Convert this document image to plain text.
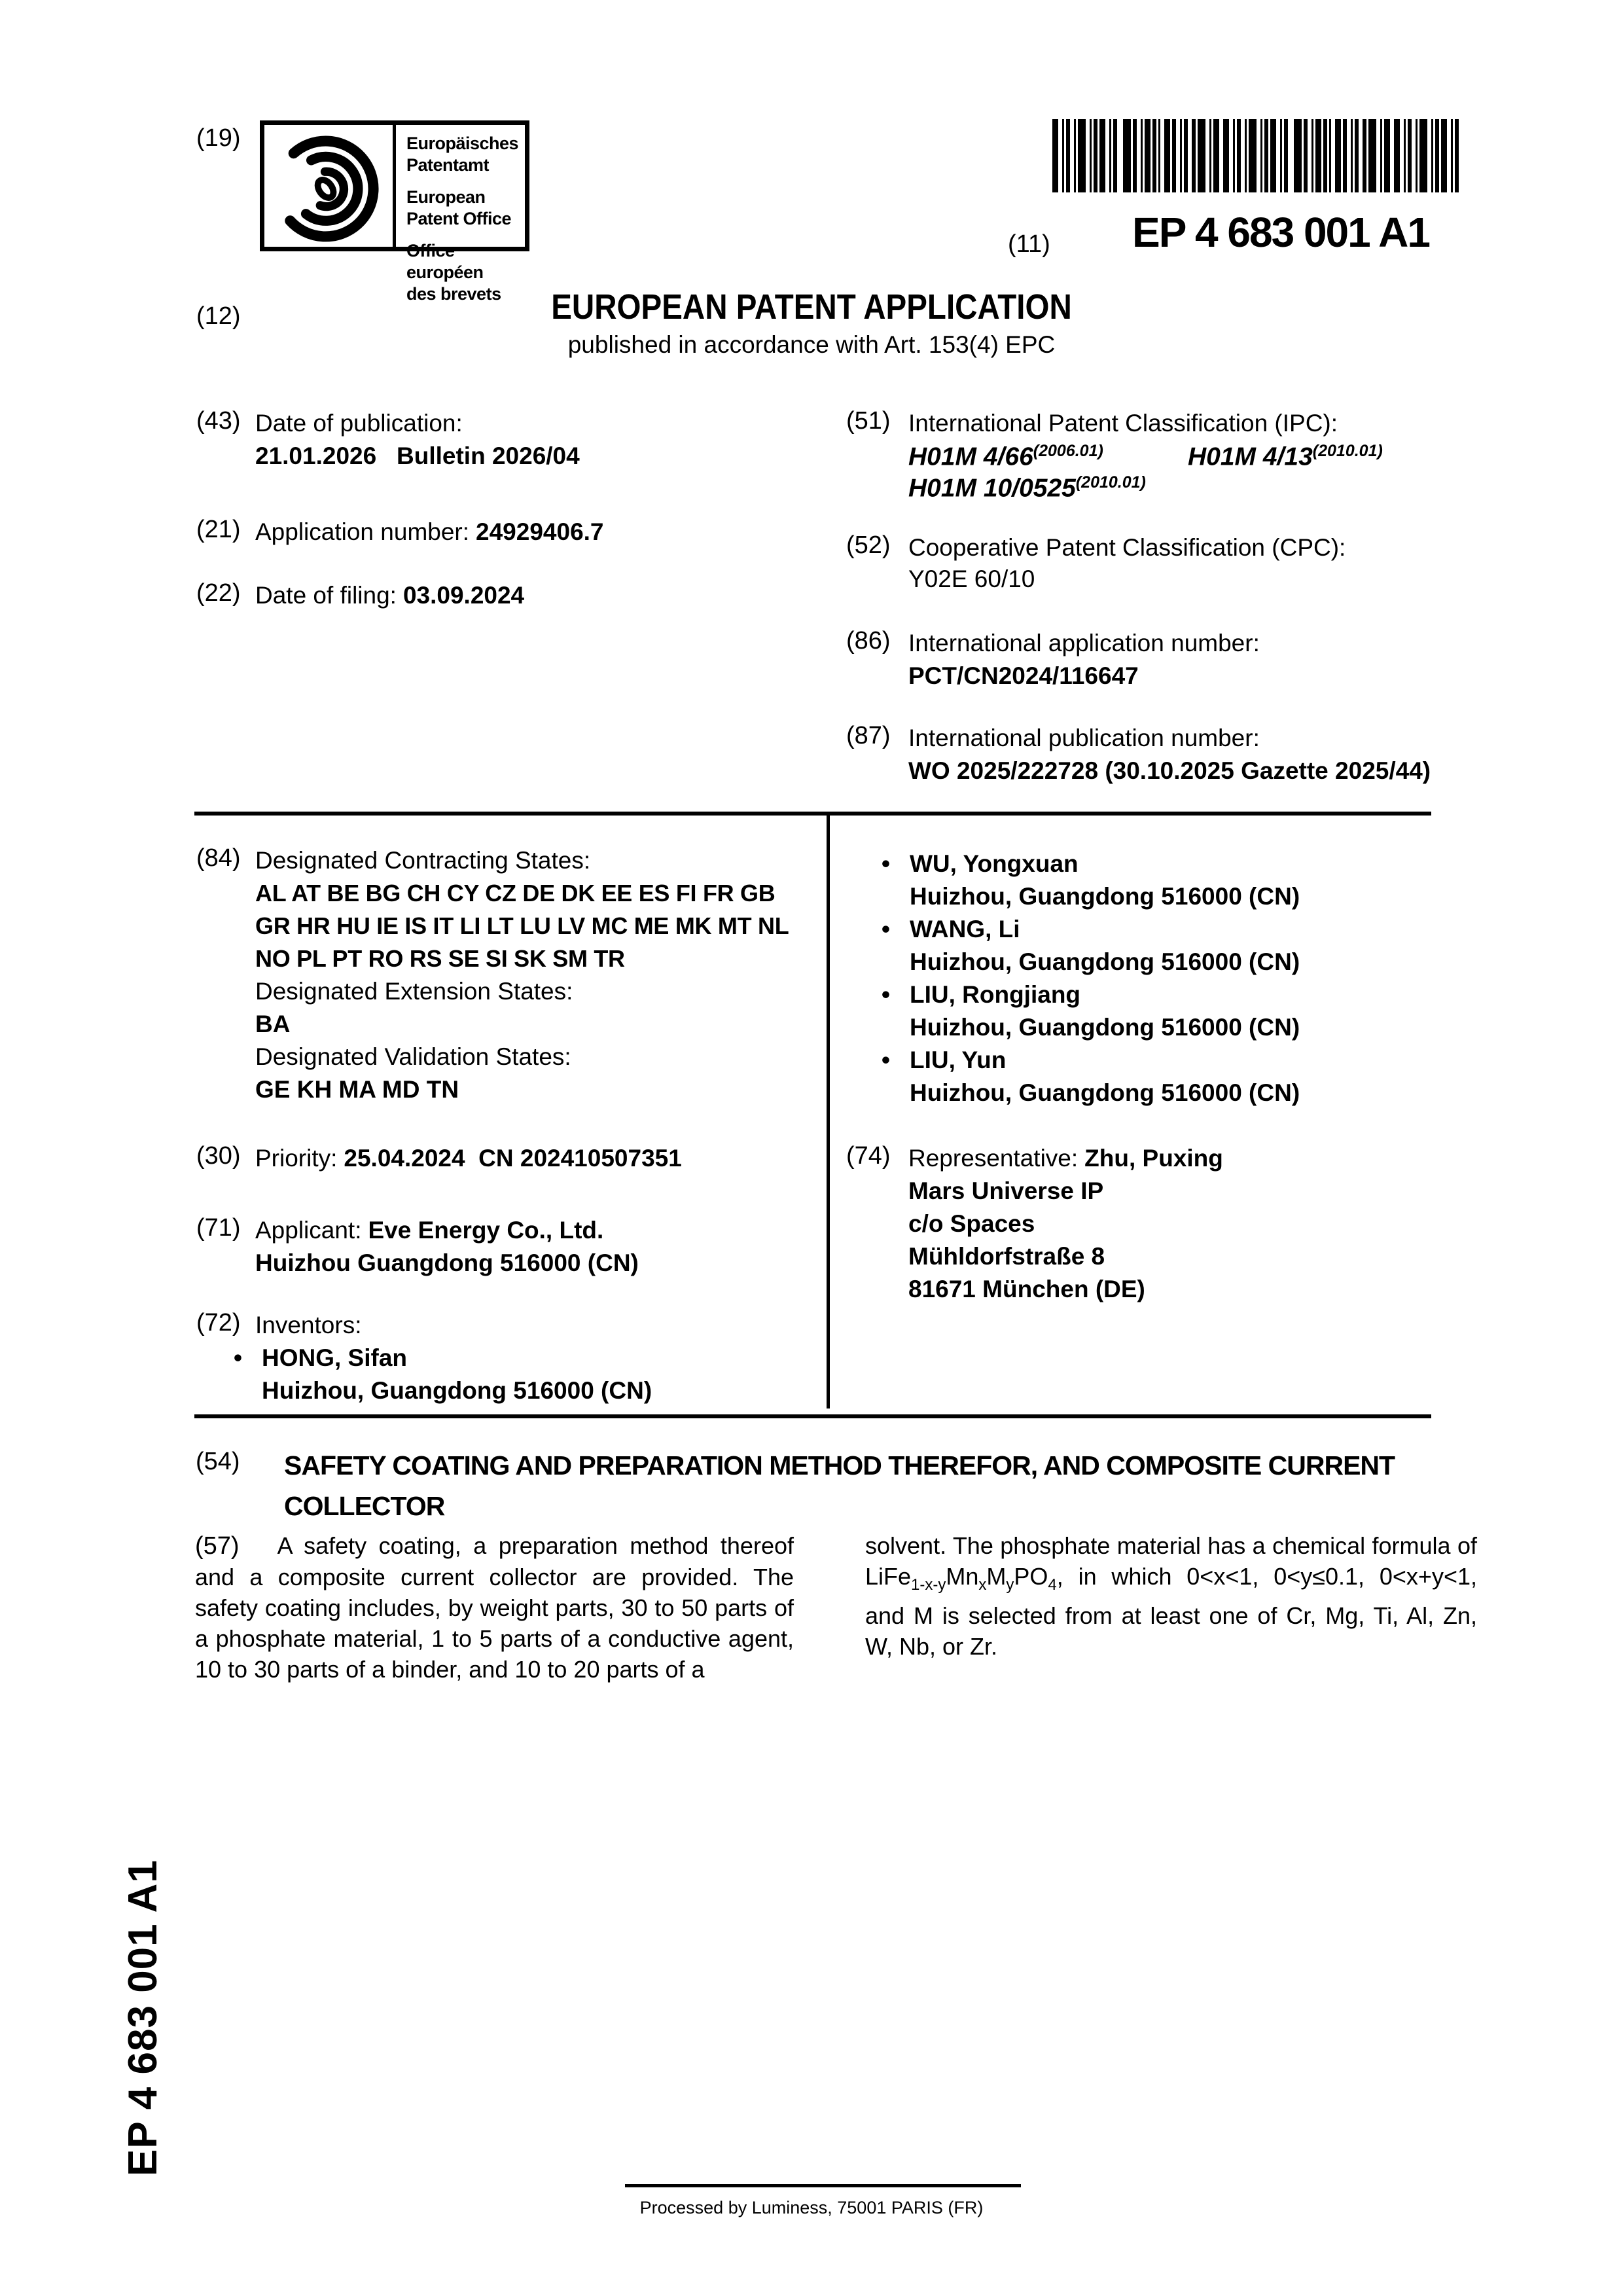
(19)	Europäisches
Patentamt
European
Patent Office
Office européen
des brevets
(11) EP 4 683 001 A1
(12)	EUROPEAN PATENT APPLICATION
published in accordance with Art. 153(4) EPC
(43) Date of publication:
21.01.2026   Bulletin 2026/04
(21) Application number: 24929406.7
(22) Date of filing: 03.09.2024
(51) International Patent Classification (IPC):
H01M $4/66^{(2006.01)}$	H01M $4/13^{(2010.01)}$
H01M $10/0525^{(2010.01)}$
(52) Cooperative Patent Classification (CPC):
Y02E 60/10
(86) International application number:
PCT/CN2024/116647
(87) International publication number:
WO 2025/222728 (30.10.2025 Gazette 2025/44)
(84) Designated Contracting States:
AL AT BE BG CH CY CZ DE DK EE ES FI FR GB
GR HR HU IE IS IT LI LT LU LV MC ME MK MT NL
NO PL PT RO RS SE SI SK SM TR
Designated Extension States:
BA
Designated Validation States:
GE KH MA MD TN
(30) Priority: 25.04.2024  CN 202410507351
(71) Applicant: Eve Energy Co., Ltd.
Huizhou Guangdong 516000 (CN)
(72) Inventors:
• HONG, Sifan
Huizhou, Guangdong 516000 (CN)
• WU, Yongxuan
Huizhou, Guangdong 516000 (CN)
• WANG, Li
Huizhou, Guangdong 516000 (CN)
• LIU, Rongjiang
Huizhou, Guangdong 516000 (CN)
• LIU, Yun
Huizhou, Guangdong 516000 (CN)
(74) Representative: Zhu, Puxing
Mars Universe IP
c/o Spaces
Mühldorfstraße 8
81671 München (DE)
(54) SAFETY COATING AND PREPARATION METHOD THEREFOR, AND COMPOSITE CURRENT COLLECTOR
(57) A safety coating, a preparation method thereof and a composite current collector are provided. The safety coating includes, by weight parts, 30 to 50 parts of a phosphate material, 1 to 5 parts of a conductive agent, 10 to 30 parts of a binder, and 10 to 20 parts of a
solvent. The phosphate material has a chemical formula of $LiFe_{1-x-y}Mn_xM_yPO_4$, in which 0<x<1, 0<y≤0.1, 0<x+y<1, and M is selected from at least one of Cr, Mg, Ti, Al, Zn, W, Nb, or Zr.
EP 4 683 001 A1
Processed by Luminess, 75001 PARIS (FR)
